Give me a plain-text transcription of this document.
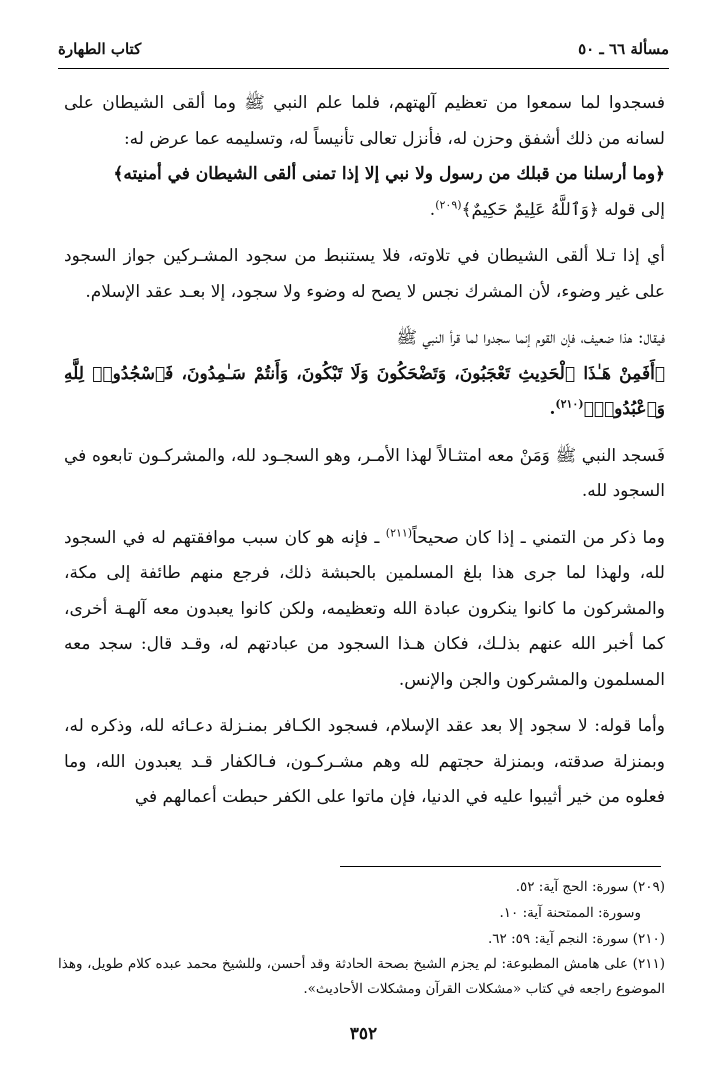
مسألة ٦٦ ـ ٥٠
كتاب الطهارة

فسجدوا لما سمعوا من تعظيم آلهتهم، فلما علم النبي ﷺ وما ألقى الشيطان على لسانه من ذلك أشفق وحزن له، فأنزل تعالى تأنيساً له، وتسليمه عما عرض له:

﴿وما أرسلنا من قبلك من رسول ولا نبي إلا إذا تمنى ألقى الشيطان في أمنيته﴾

إلى قوله ﴿وَٱللَّهُ عَلِيمٌ حَكِيمٌ﴾$^{(٢٠٩)}$.

أي إذا تـلا ألقى الشيطان في تلاوته، فلا يستنبط من سجود المشـركين جواز السجود على غير وضوء، لأن المشرك نجس لا يصح له وضوء ولا سجود، إلا بعـد عقد الإسلام.

فيقال: هذا ضعيف، فإن القوم إنما سجدوا لما قرأ النبي ﷺ

﴿أَفَمِنْ هَـٰذَا ٱلْحَدِيثِ تَعْجَبُونَ، وَتَضْحَكُونَ وَلَا تَبْكُونَ، وَأَنتُمْ سَـٰمِدُونَ، فَٱسْجُدُوا۟ لِلَّهِ وَٱعْبُدُوا۟﴾$^{(٢١٠)}$.

فَسجد النبي ﷺ وَمَنْ معه امتثـالاً لهذا الأمـر، وهو السجـود لله، والمشركـون تابعوه في السجود لله.

وما ذكر من التمني ـ إذا كان صحيحاً$^{(٢١١)}$ ـ فإنه هو كان سبب موافقتهم له في السجود لله، ولهذا لما جرى هذا بلغ المسلمين بالحبشة ذلك، فرجع منهم طائفة إلى مكة، والمشركون ما كانوا ينكرون عبادة الله وتعظيمه، ولكن كانوا يعبدون معه آلهـة أخرى، كما أخبر الله عنهم بذلـك، فكان هـذا السجود من عبادتهم له، وقـد قال: سجد معه المسلمون والمشركون والجن والإنس.

وأما قوله: لا سجود إلا بعد عقد الإسلام، فسجود الكـافر بمنـزلة دعـائه لله، وذكره له، وبمنزلة صدقته، وبمنزلة حجتهم لله وهم مشـركـون، فـالكفار قـد يعبدون الله، وما فعلوه من خير أثيبوا عليه في الدنيا، فإن ماتوا على الكفر حبطت أعمالهم في

(٢٠٩) سورة: الحج آية: ٥٢.

وسورة: الممتحنة آية: ١٠.

(٢١٠) سورة: النجم آية: ٥٩: ٦٢.

(٢١١) على هامش المطبوعة: لم يجزم الشيخ بصحة الحادثة وقد أحسن، وللشيخ محمد عبده كلام طويل، وهذا الموضوع راجعه في كتاب «مشكلات القرآن ومشكلات الأحاديث».

٣٥٢
